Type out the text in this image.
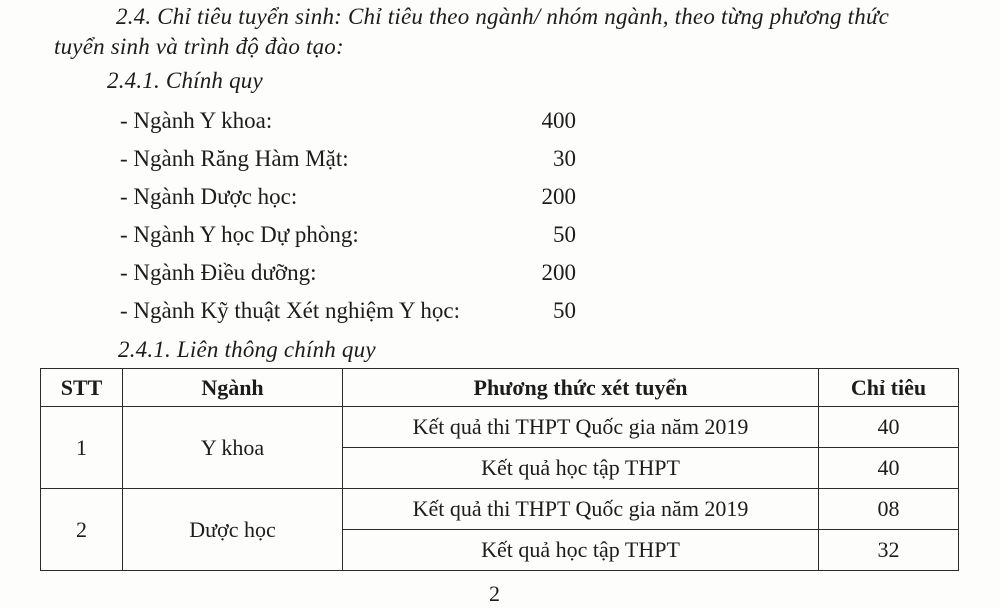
2.4. Chỉ tiêu tuyển sinh: Chỉ tiêu theo ngành/ nhóm ngành, theo từng phương thức
tuyển sinh và trình độ đào tạo:
2.4.1. Chính quy
- Ngành Y khoa:	400
- Ngành Răng Hàm Mặt:	30
- Ngành Dược học:	200
- Ngành Y học Dự phòng:	50
- Ngành Điều dưỡng:	200
- Ngành Kỹ thuật Xét nghiệm Y học:	50
2.4.1. Liên thông chính quy
STT	Ngành	Phương thức xét tuyển	Chỉ tiêu
1	Y khoa	Kết quả thi THPT Quốc gia năm 2019	40
		Kết quả học tập THPT	40
2	Dược học	Kết quả thi THPT Quốc gia năm 2019	08
		Kết quả học tập THPT	32
2
